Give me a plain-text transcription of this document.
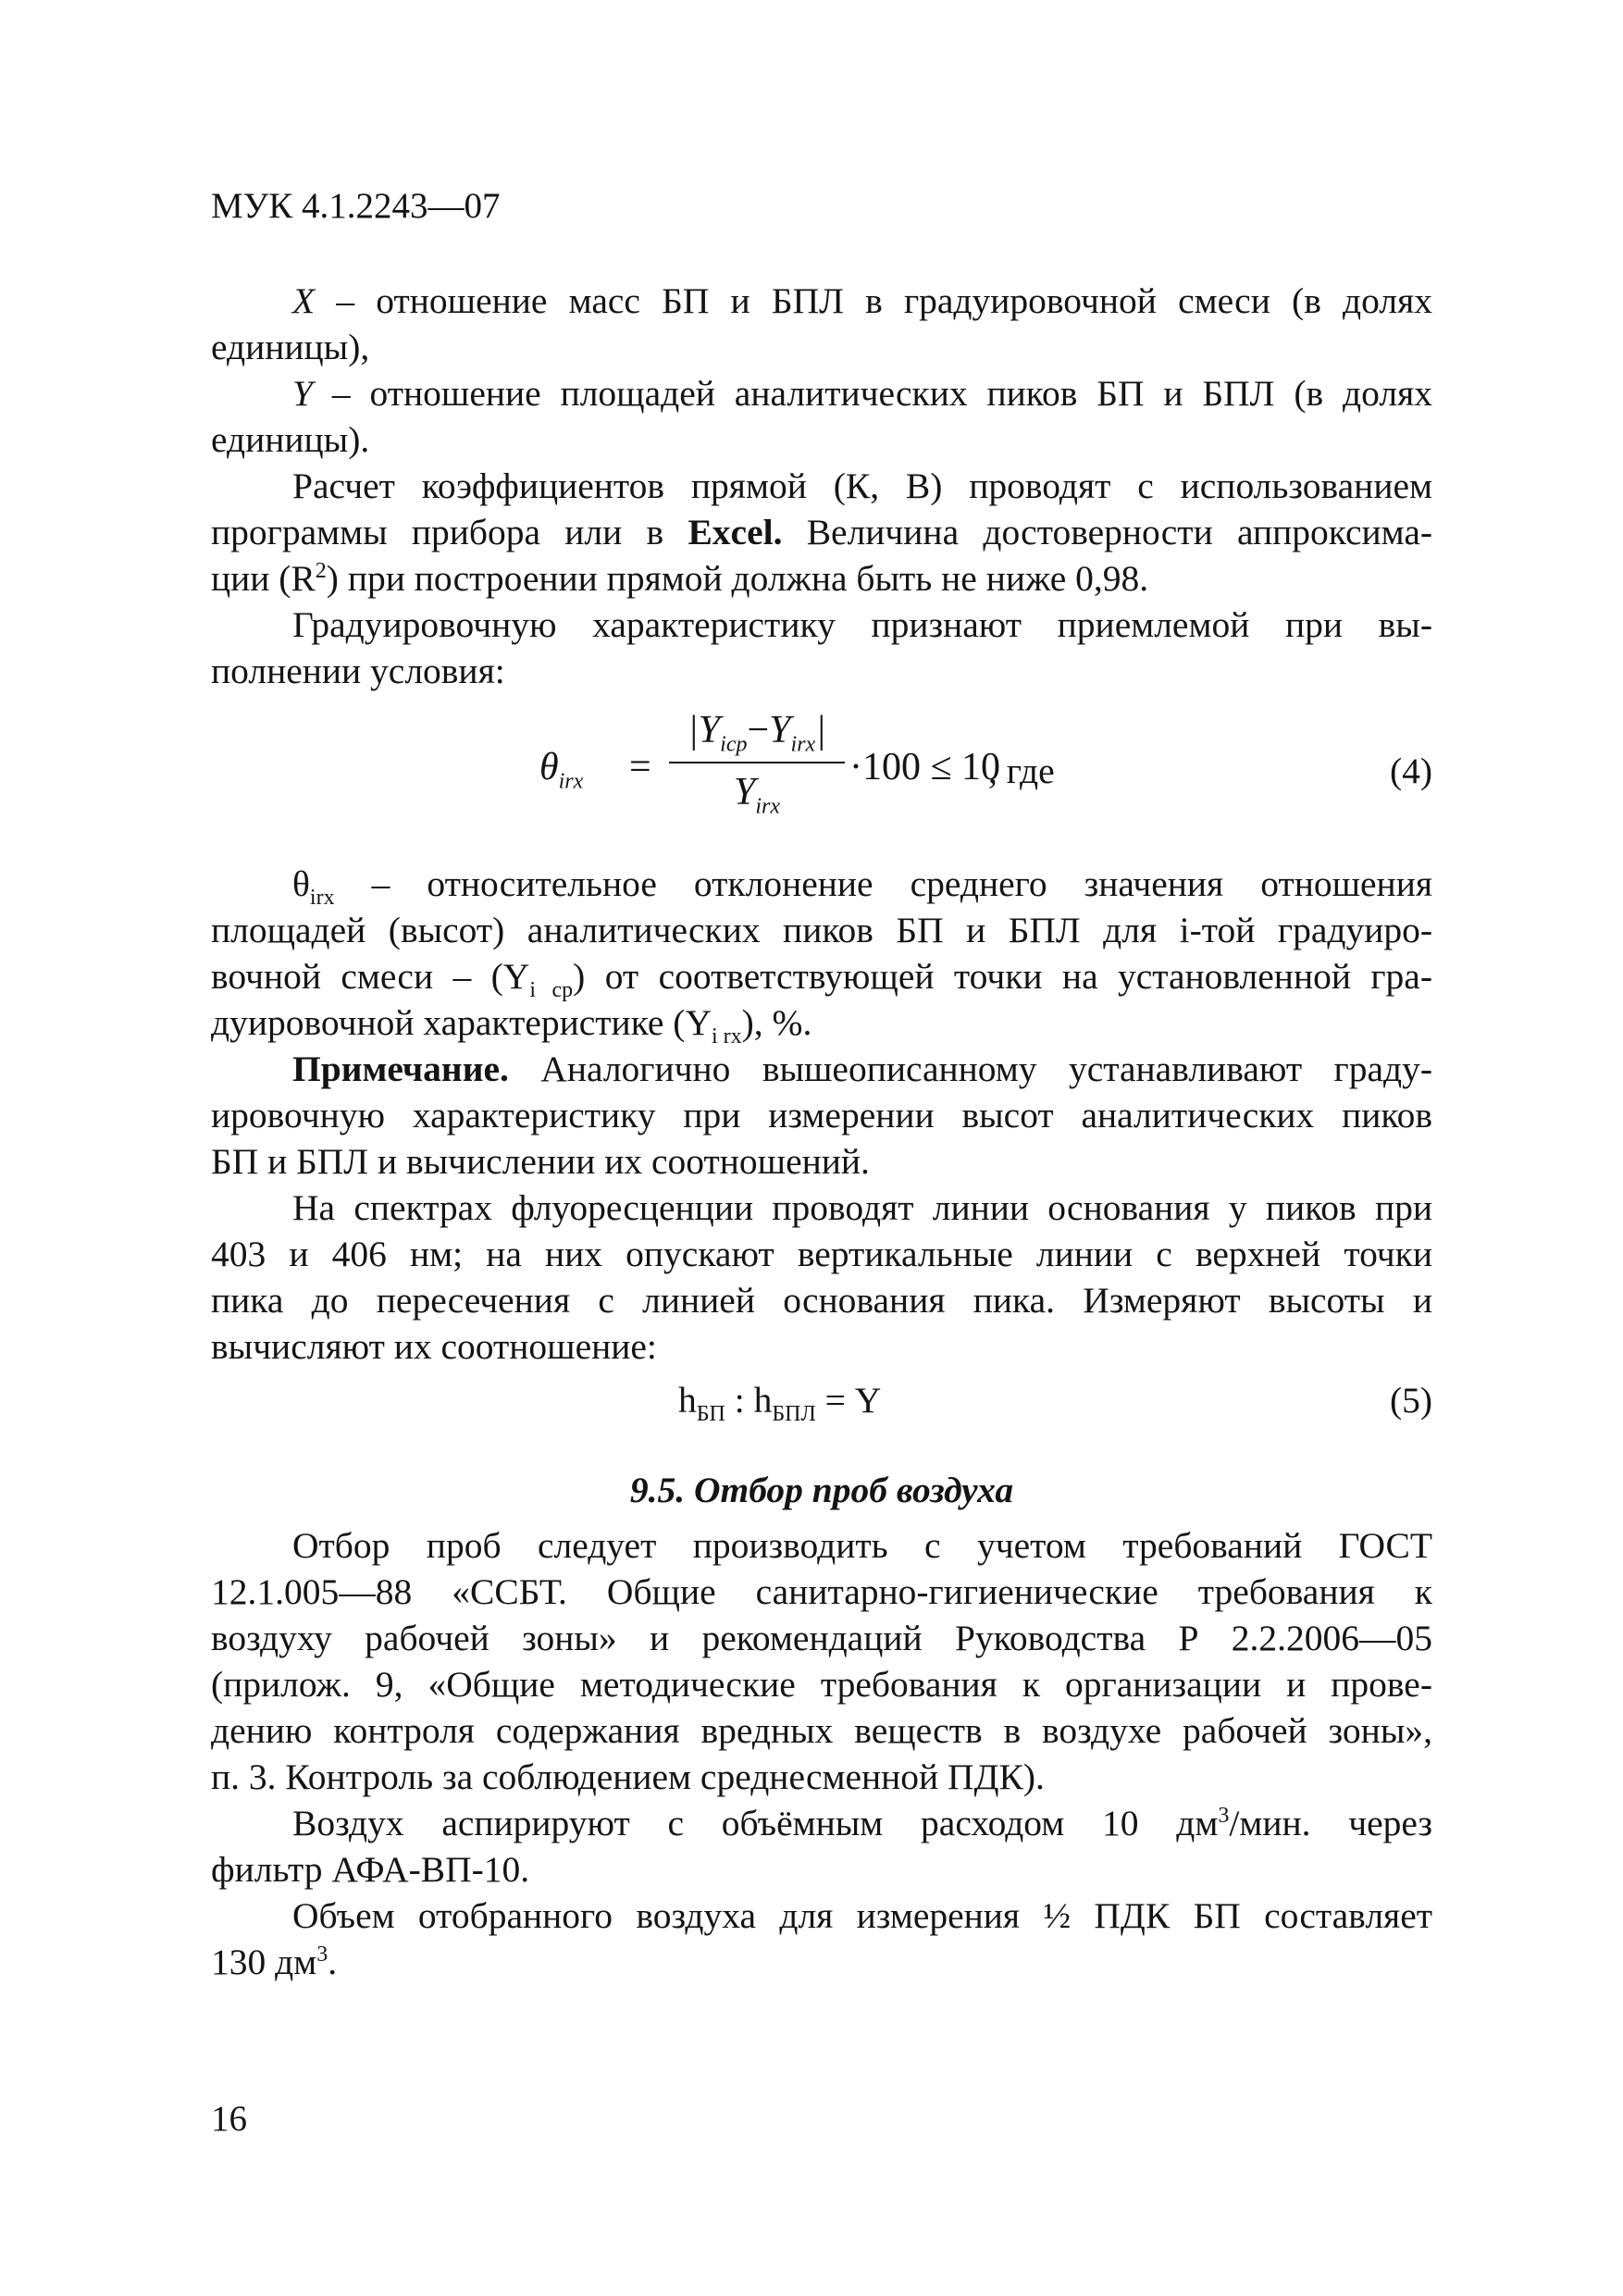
МУК 4.1.2243—07
X – отношение масс БП и БПЛ в градуировочной смеси (в долях
единицы),
Y – отношение площадей аналитических пиков БП и БПЛ (в долях
единицы).
Расчет коэффициентов прямой (К, В) проводят с использованием
программы прибора или в Excel. Величина достоверности аппроксима-
ции $(R^2)$ при построении прямой должна быть не ниже 0,98.
Градуировочную характеристику признают приемлемой при вы-
полнении условия:
$\theta_{irx}$ =
$|Y_{icp}-Y_{irx}|$
$Y_{irx}$
·100 ≤ 10
, где	(4)
$\theta_{irx}$ – относительное отклонение среднего значения отношения
площадей (высот) аналитических пиков БП и БПЛ для i-той градуиро-
вочной смеси – $(Y_{i ср})$ от соответствующей точки на установленной гра-
дуировочной характеристике $(Y_{i rx})$, %.
Примечание. Аналогично вышеописанному устанавливают граду-
ировочную характеристику при измерении высот аналитических пиков
БП и БПЛ и вычислении их соотношений.
На спектрах флуоресценции проводят линии основания у пиков при
403 и 406 нм; на них опускают вертикальные линии с верхней точки
пика до пересечения с линией основания пика. Измеряют высоты и
вычисляют их соотношение:
$h_{БП}$ : $h_{БПЛ} = Y$	(5)
9.5. Отбор проб воздуха
Отбор проб следует производить с учетом требований ГОСТ
12.1.005—88 «ССБТ. Общие санитарно-гигиенические требования к
воздуху рабочей зоны» и рекомендаций Руководства Р 2.2.2006—05
(прилож. 9, «Общие методические требования к организации и прове-
дению контроля содержания вредных веществ в воздухе рабочей зоны»,
п. 3. Контроль за соблюдением среднесменной ПДК).
Воздух аспирируют с объёмным расходом 10 $дм^3$/мин. через
фильтр АФА-ВП-10.
Объем отобранного воздуха для измерения ½ ПДК БП составляет
130 $дм^3$.
16
